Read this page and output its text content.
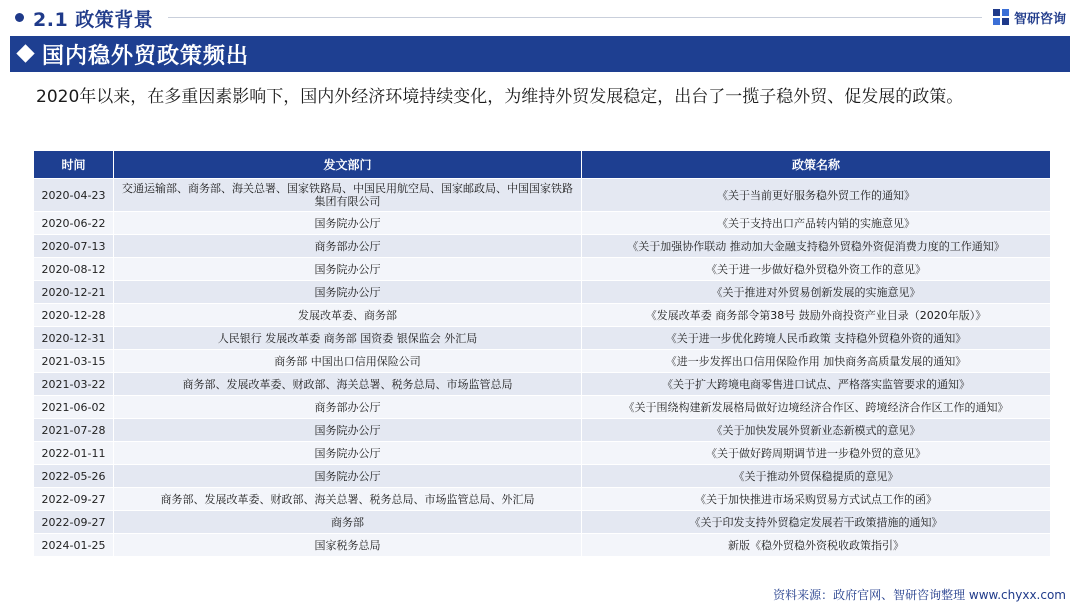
2.1 政策背景	智研咨询
国内稳外贸政策频出

2020年以来，在多重因素影响下，国内外经济环境持续变化，为维持外贸发展稳定，出台了一揽子稳外贸、促发展的政策。

时间	发文部门	政策名称
2020-04-23	交通运输部、商务部、海关总署、国家铁路局、中国民用航空局、国家邮政局、中国国家铁路集团有限公司	《关于当前更好服务稳外贸工作的通知》
2020-06-22	国务院办公厅	《关于支持出口产品转内销的实施意见》
2020-07-13	商务部办公厅	《关于加强协作联动 推动加大金融支持稳外贸稳外资促消费力度的工作通知》
2020-08-12	国务院办公厅	《关于进一步做好稳外贸稳外资工作的意见》
2020-12-21	国务院办公厅	《关于推进对外贸易创新发展的实施意见》
2020-12-28	发展改革委、商务部	《发展改革委 商务部令第38号 鼓励外商投资产业目录（2020年版）》
2020-12-31	人民银行 发展改革委 商务部 国资委 银保监会 外汇局	《关于进一步优化跨境人民币政策 支持稳外贸稳外资的通知》
2021-03-15	商务部 中国出口信用保险公司	《进一步发挥出口信用保险作用 加快商务高质量发展的通知》
2021-03-22	商务部、发展改革委、财政部、海关总署、税务总局、市场监管总局	《关于扩大跨境电商零售进口试点、严格落实监管要求的通知》
2021-06-02	商务部办公厅	《关于围绕构建新发展格局做好边境经济合作区、跨境经济合作区工作的通知》
2021-07-28	国务院办公厅	《关于加快发展外贸新业态新模式的意见》
2022-01-11	国务院办公厅	《关于做好跨周期调节进一步稳外贸的意见》
2022-05-26	国务院办公厅	《关于推动外贸保稳提质的意见》
2022-09-27	商务部、发展改革委、财政部、海关总署、税务总局、市场监管总局、外汇局	《关于加快推进市场采购贸易方式试点工作的函》
2022-09-27	商务部	《关于印发支持外贸稳定发展若干政策措施的通知》
2024-01-25	国家税务总局	新版《稳外贸稳外资税收政策指引》
资料来源：政府官网、智研咨询整理 www.chyxx.com
